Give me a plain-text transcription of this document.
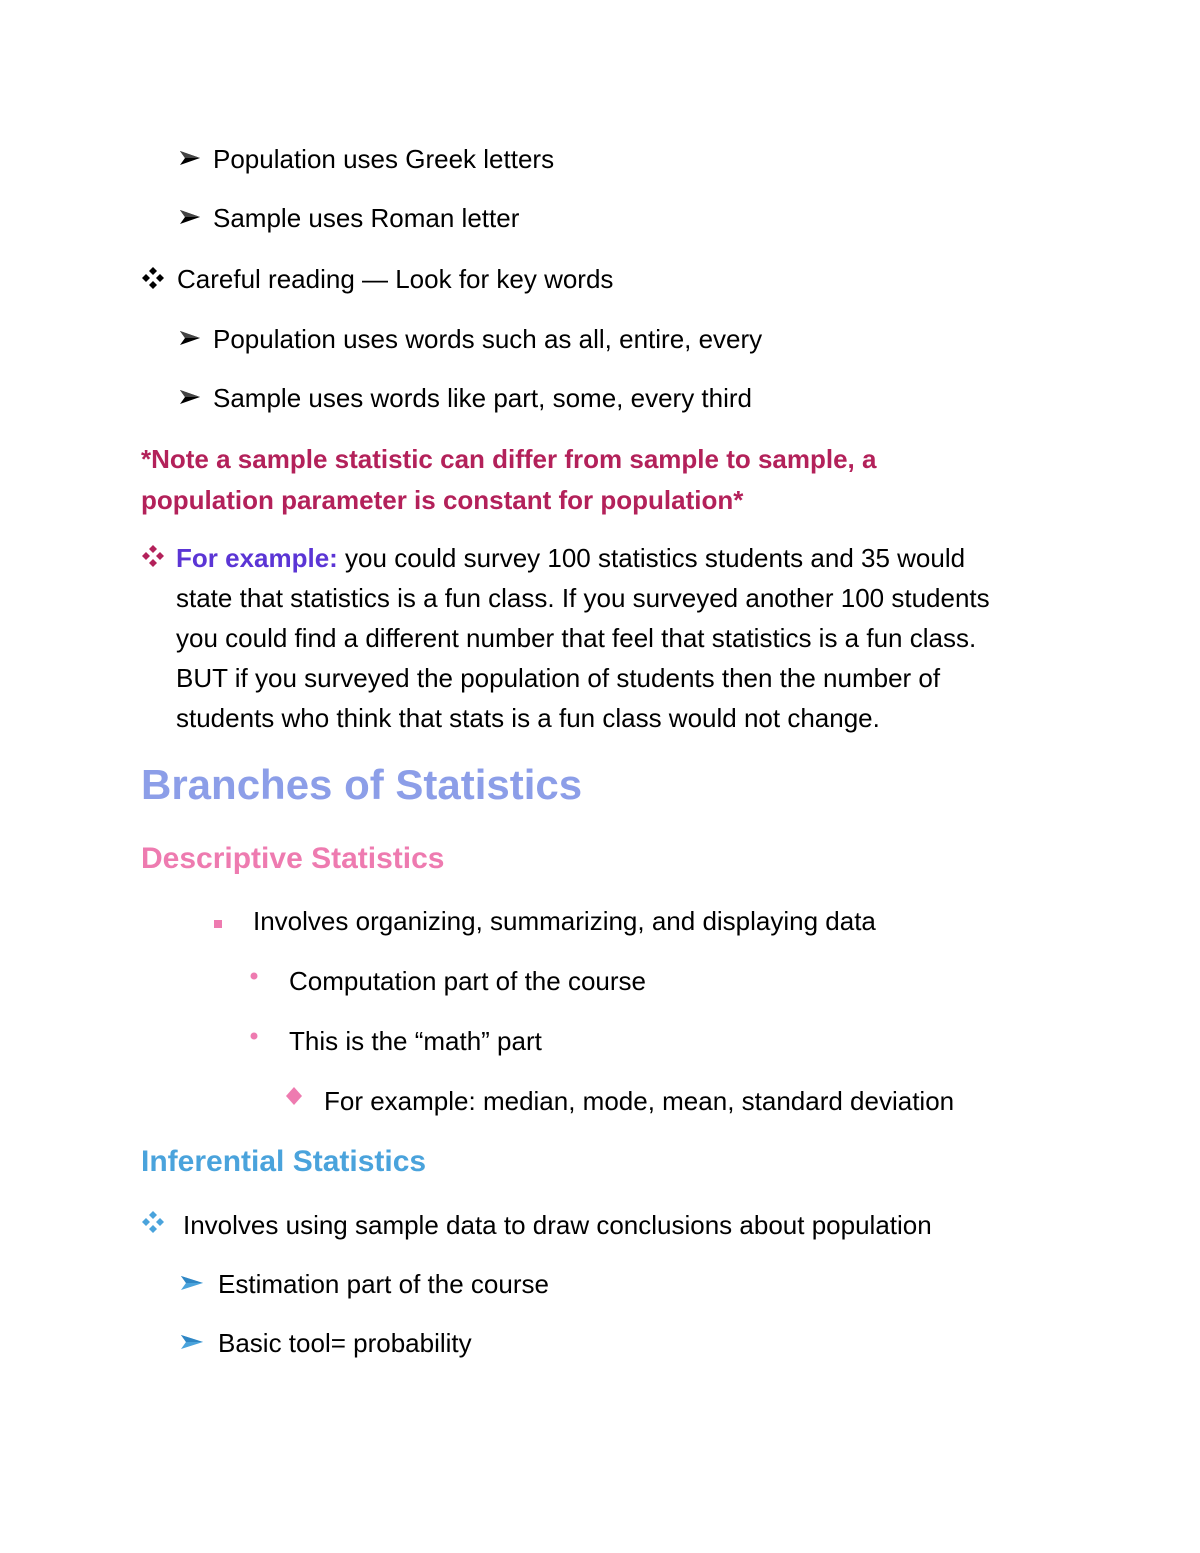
Population uses Greek letters
Sample uses Roman letter
Careful reading — Look for key words
Population uses words such as all, entire, every
Sample uses words like part, some, every third
*Note a sample statistic can differ from sample to sample, a
population parameter is constant for population*
For example: you could survey 100 statistics students and 35 would
state that statistics is a fun class. If you surveyed another 100 students
you could find a different number that feel that statistics is a fun class.
BUT if you surveyed the population of students then the number of
students who think that stats is a fun class would not change.
Branches of Statistics
Descriptive Statistics
Involves organizing, summarizing, and displaying data
Computation part of the course
This is the “math” part
For example: median, mode, mean, standard deviation
Inferential Statistics
Involves using sample data to draw conclusions about population
Estimation part of the course
Basic tool= probability
